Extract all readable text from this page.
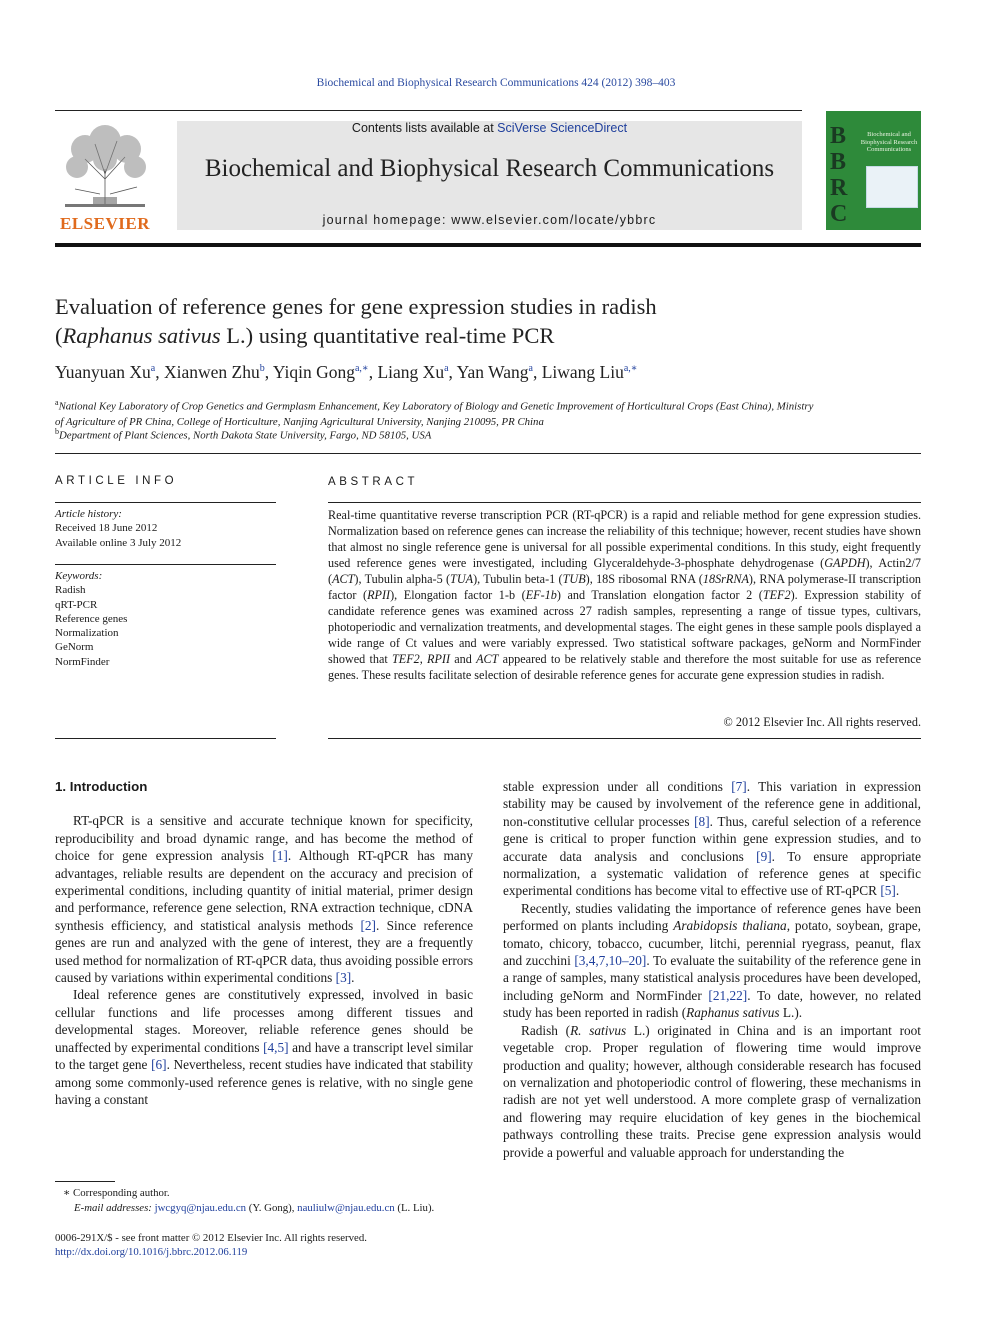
Biochemical and Biophysical Research Communications 424 (2012) 398–403
ELSEVIER
Contents lists available at SciVerse ScienceDirect
Biochemical and Biophysical Research Communications
journal homepage: www.elsevier.com/locate/ybbrc
B
B
R
C
Biochemical and Biophysical Research Communications
Evaluation of reference genes for gene expression studies in radish
(Raphanus sativus L.) using quantitative real-time PCR
Yuanyuan Xu$^a$, Xianwen Zhu$^b$, Yiqin Gong$^{a,∗}$, Liang Xu$^a$, Yan Wang$^a$, Liwang Liu$^{a,∗}$
$^a$National Key Laboratory of Crop Genetics and Germplasm Enhancement, Key Laboratory of Biology and Genetic Improvement of Horticultural Crops (East China), Ministry
of Agriculture of PR China, College of Horticulture, Nanjing Agricultural University, Nanjing 210095, PR China
$^b$Department of Plant Sciences, North Dakota State University, Fargo, ND 58105, USA
ARTICLE INFO
Article history:
Received 18 June 2012
Available online 3 July 2012
Keywords:
Radish
qRT-PCR
Reference genes
Normalization
GeNorm
NormFinder
ABSTRACT
Real-time quantitative reverse transcription PCR (RT-qPCR) is a rapid and reliable method for gene expression studies. Normalization based on reference genes can increase the reliability of this technique; however, recent studies have shown that almost no single reference gene is universal for all possible experimental conditions. In this study, eight frequently used reference genes were investigated, including Glyceraldehyde-3-phosphate dehydrogenase (GAPDH), Actin2/7 (ACT), Tubulin alpha-5 (TUA), Tubulin beta-1 (TUB), 18S ribosomal RNA (18SrRNA), RNA polymerase-II transcription factor (RPII), Elongation factor 1-b (EF-1b) and Translation elongation factor 2 (TEF2). Expression stability of candidate reference genes was examined across 27 radish samples, representing a range of tissue types, cultivars, photoperiodic and vernalization treatments, and developmental stages. The eight genes in these sample pools displayed a wide range of Ct values and were variably expressed. Two statistical software packages, geNorm and NormFinder showed that TEF2, RPII and ACT appeared to be relatively stable and therefore the most suitable for use as reference genes. These results facilitate selection of desirable reference genes for accurate gene expression studies in radish.
© 2012 Elsevier Inc. All rights reserved.
1. Introduction

RT-qPCR is a sensitive and accurate technique known for specificity, reproducibility and broad dynamic range, and has become the method of choice for gene expression analysis [1]. Although RT-qPCR has many advantages, reliable results are dependent on the accuracy and precision of experimental conditions, including quantity of initial material, primer design and performance, reference gene selection, RNA extraction technique, cDNA synthesis efficiency, and statistical analysis methods [2]. Since reference genes are run and analyzed with the gene of interest, they are a frequently used method for normalization of RT-qPCR data, thus avoiding possible errors caused by variations within experimental conditions [3].

Ideal reference genes are constitutively expressed, involved in basic cellular functions and life processes among different tissues and developmental stages. Moreover, reliable reference genes should be unaffected by experimental conditions [4,5] and have a transcript level similar to the target gene [6]. Nevertheless, recent studies have indicated that stability among some commonly-used reference genes is relative, with no single gene having a constant

stable expression under all conditions [7]. This variation in expression stability may be caused by involvement of the reference gene in additional, non-constitutive cellular processes [8]. Thus, careful selection of a reference gene is critical to proper function within gene expression studies, and to accurate data analysis and conclusions [9]. To ensure appropriate normalization, a systematic validation of reference genes at specific experimental conditions has become vital to effective use of RT-qPCR [5].

Recently, studies validating the importance of reference genes have been performed on plants including Arabidopsis thaliana, potato, soybean, grape, tomato, chicory, tobacco, cucumber, litchi, perennial ryegrass, peanut, flax and zucchini [3,4,7,10–20]. To evaluate the suitability of the reference gene in a range of samples, many statistical analysis procedures have been developed, including geNorm and NormFinder [21,22]. To date, however, no related study has been reported in radish (Raphanus sativus L.).

Radish (R. sativus L.) originated in China and is an important root vegetable crop. Proper regulation of flowering time would improve production and quality; however, although considerable research has focused on vernalization and photoperiodic control of flowering, these mechanisms in radish are not yet well understood. A more complete grasp of vernalization and flowering may require elucidation of key genes in the biochemical pathways controlling these traits. Precise gene expression analysis would provide a powerful and valuable approach for understanding the

∗ Corresponding author.
E-mail addresses: jwcgyq@njau.edu.cn (Y. Gong), nauliulw@njau.edu.cn (L. Liu).
0006-291X/$ - see front matter © 2012 Elsevier Inc. All rights reserved.
http://dx.doi.org/10.1016/j.bbrc.2012.06.119
